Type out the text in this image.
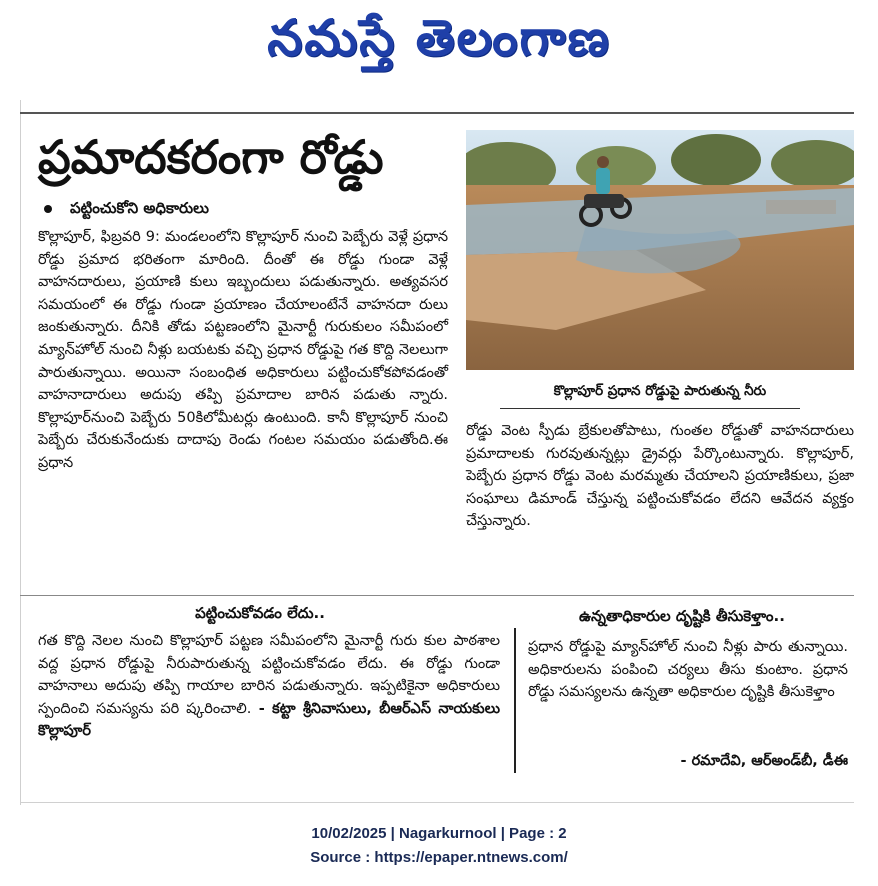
నమస్తే తెలంగాణ
ప్రమాదకరంగా రోడ్డు
పట్టించుకోని అధికారులు
కొల్లాపూర్, ఫిబ్రవరి 9: మండలంలోని కొల్లాపూర్ నుంచి పెబ్బేరు వెళ్లే ప్రధాన రోడ్డు ప్రమాద భరితంగా మారింది. దీంతో ఈ రోడ్డు గుండా వెళ్లే వాహనదారులు, ప్రయాణి కులు ఇబ్బందులు పడుతున్నారు. అత్యవసర సమయంలో ఈ రోడ్డు గుండా ప్రయాణం చేయాలంటేనే వాహనదా రులు జంకుతున్నారు. దీనికి తోడు పట్టణంలోని మైనార్టీ గురుకులం సమీపంలో మ్యాన్‌హోల్ నుంచి నీళ్లు బయటకు వచ్చి ప్రధాన రోడ్డుపై గత కొద్ది నెలలుగా పారుతున్నాయి. అయినా సంబంధిత అధికారులు పట్టించుకోకపోవడంతో వాహనాదారులు అదుపు తప్పి ప్రమాదాల బారిన పడుతు న్నారు. కొల్లాపూర్‌నుంచి పెబ్బేరు 50కిలోమీటర్లు ఉంటుంది. కానీ కొల్లాపూర్ నుంచి పెబ్బేరు చేరుకునేందుకు దాదాపు రెండు గంటల సమయం పడుతోంది.ఈ ప్రధాన
కొల్లాపూర్ ప్రధాన రోడ్డుపై పారుతున్న నీరు
రోడ్డు వెంట స్పీడు బ్రేకులతోపాటు, గుంతల రోడ్డుతో వాహనదారులు ప్రమాదాలకు గురవుతున్నట్లు డ్రైవర్లు పేర్కొంటున్నారు. కొల్లాపూర్, పెబ్బేరు ప్రధాన రోడ్డు వెంట మరమ్మతు చేయాలని ప్రయాణికులు, ప్రజా సంఘాలు డిమాండ్ చేస్తున్న పట్టించుకోవడం లేదని ఆవేదన వ్యక్తం చేస్తున్నారు.
పట్టించుకోవడం లేదు..
గత కొద్ది నెలల నుంచి కొల్లాపూర్ పట్టణ సమీపంలోని మైనార్టీ గురు కుల పాఠశాల వద్ద ప్రధాన రోడ్డుపై నీరుపారుతున్న పట్టించుకోవడం లేదు. ఈ రోడ్డు గుండా వాహనాలు అదుపు తప్పి గాయాల బారిన పడుతున్నారు. ఇప్పటికైనా అధికారులు స్పందించి సమస్యను పరి ష్కరించాలి. - కట్టా శ్రీనివాసులు, బీఆర్ఎస్ నాయకులు కొల్లాపూర్
ఉన్నతాధికారుల దృష్టికి తీసుకెళ్తాం..
ప్రధాన రోడ్డుపై మ్యాన్‌హోల్ నుంచి నీళ్లు పారు తున్నాయి. అధికారులను పంపించి చర్యలు తీసు కుంటాం. ప్రధాన రోడ్డు సమస్యలను ఉన్నతా అధికారుల దృష్టికి తీసుకెళ్తాం
- రమాదేవి, ఆర్అండ్‌బీ, డీఈ
10/02/2025 | Nagarkurnool | Page : 2
Source : https://epaper.ntnews.com/
